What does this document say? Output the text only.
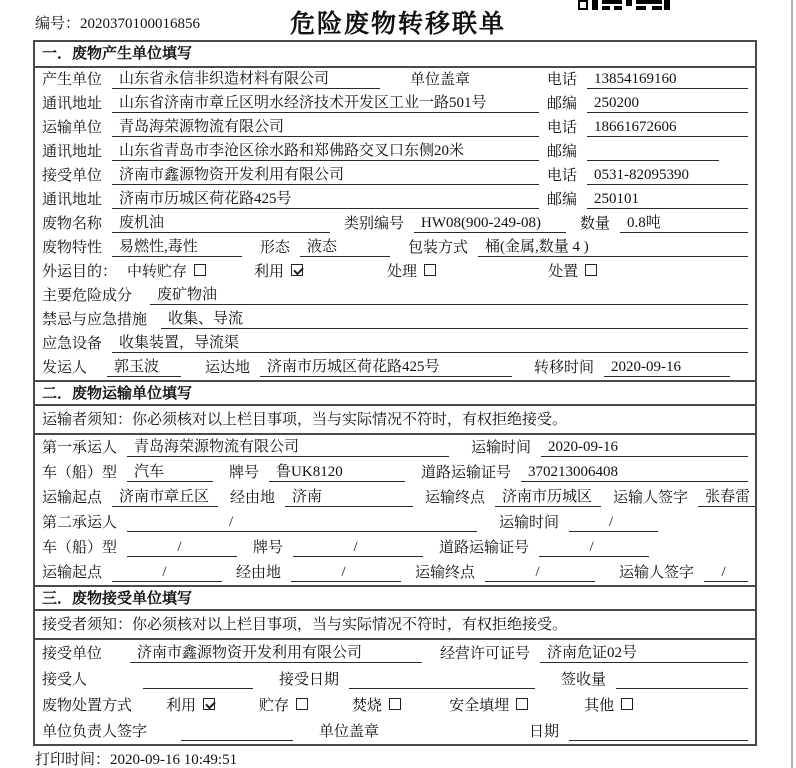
编号：2020370100016856	危险废物转移联单
一．废物产生单位填写
产生单位	山东省永信非织造材料有限公司	单位盖章	电话	13854169160
通讯地址	山东省济南市章丘区明水经济技术开发区工业一路501号	邮编	250200
运输单位	青岛海荣源物流有限公司	电话	18661672606
通讯地址	山东省青岛市李沧区徐水路和郑佛路交叉口东侧20米	邮编
接受单位	济南市鑫源物资开发利用有限公司	电话	0531-82095390
通讯地址	济南市历城区荷花路425号	邮编	250101
废物名称	废机油	类别编号	HW08(900-249-08)	数量	0.8吨
废物特性	易燃性,毒性	形态	液态	包装方式	桶(金属,数量 4 )
外运目的： 中转贮存	利用	处理	处置
主要危险成分	废矿物油
禁忌与应急措施	收集、导流
应急设备	收集装置，导流渠
发运人	郭玉波	运达地	济南市历城区荷花路425号	转移时间	2020-09-16
二．废物运输单位填写
运输者须知：你必须核对以上栏目事项，当与实际情况不符时，有权拒绝接受。
第一承运人	青岛海荣源物流有限公司	运输时间	2020-09-16
车（船）型	汽车	牌号	鲁UK8120	道路运输证号	370213006408
运输起点	济南市章丘区	经由地	济南	运输终点	济南市历城区	运输人签字	张春雷
第二承运人	/	运输时间	/
车（船）型	/	牌号	/	道路运输证号	/
运输起点	/	经由地	/	运输终点	/	运输人签字	/
三．废物接受单位填写
接受者须知：你必须核对以上栏目事项，当与实际情况不符时，有权拒绝接受。
接受单位	济南市鑫源物资开发利用有限公司	经营许可证号	济南危证02号
接受人	接受日期	签收量
废物处置方式 利用	贮存	焚烧	安全填埋	其他
单位负责人签字	单位盖章	日期
打印时间：2020-09-16 10:49:51
